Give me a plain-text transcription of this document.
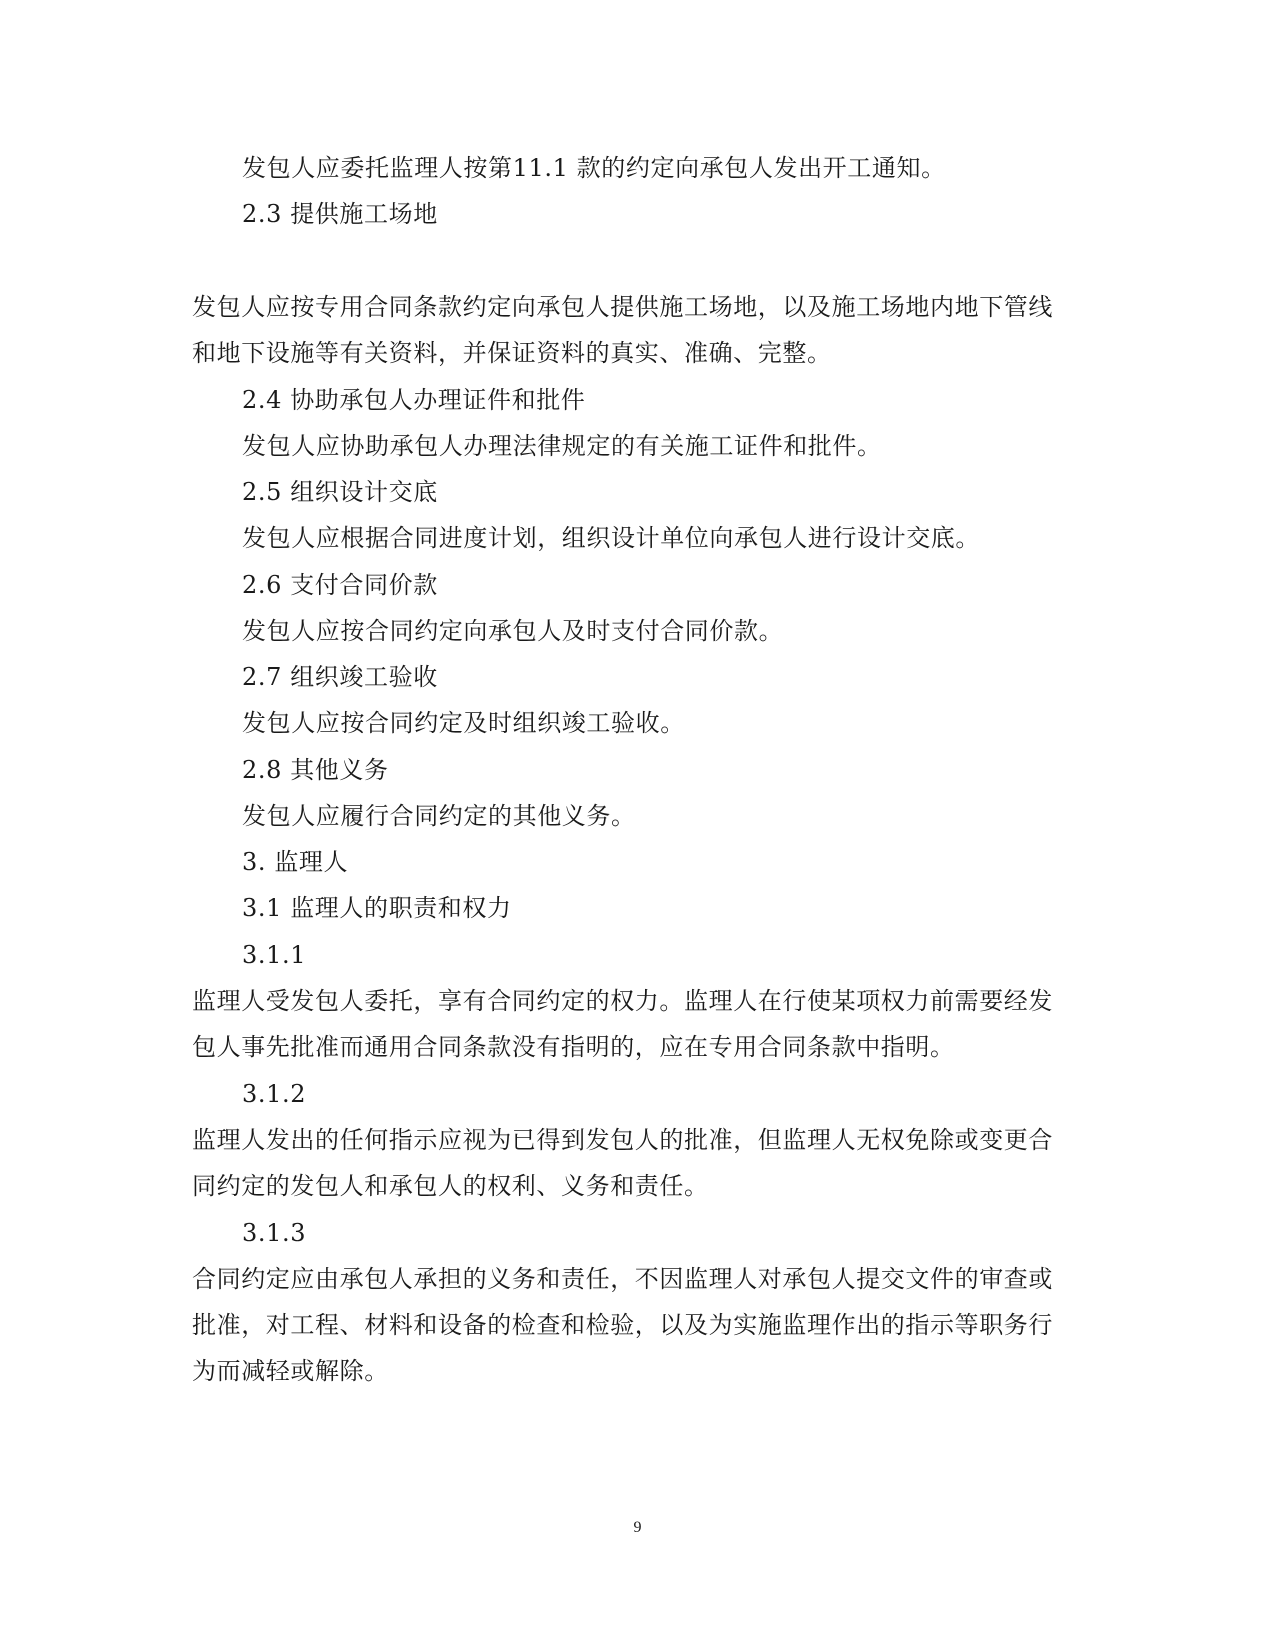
发包人应委托监理人按第11.1 款的约定向承包人发出开工通知。
2.3 提供施工场地
发包人应按专用合同条款约定向承包人提供施工场地，以及施工场地内地下管线
和地下设施等有关资料，并保证资料的真实、准确、完整。
2.4 协助承包人办理证件和批件
发包人应协助承包人办理法律规定的有关施工证件和批件。
2.5 组织设计交底
发包人应根据合同进度计划，组织设计单位向承包人进行设计交底。
2.6 支付合同价款
发包人应按合同约定向承包人及时支付合同价款。
2.7 组织竣工验收
发包人应按合同约定及时组织竣工验收。
2.8 其他义务
发包人应履行合同约定的其他义务。
3. 监理人
3.1 监理人的职责和权力
3.1.1
监理人受发包人委托，享有合同约定的权力。监理人在行使某项权力前需要经发
包人事先批准而通用合同条款没有指明的，应在专用合同条款中指明。
3.1.2
监理人发出的任何指示应视为已得到发包人的批准，但监理人无权免除或变更合
同约定的发包人和承包人的权利、义务和责任。
3.1.3
合同约定应由承包人承担的义务和责任，不因监理人对承包人提交文件的审查或
批准，对工程、材料和设备的检查和检验，以及为实施监理作出的指示等职务行
为而减轻或解除。
9
